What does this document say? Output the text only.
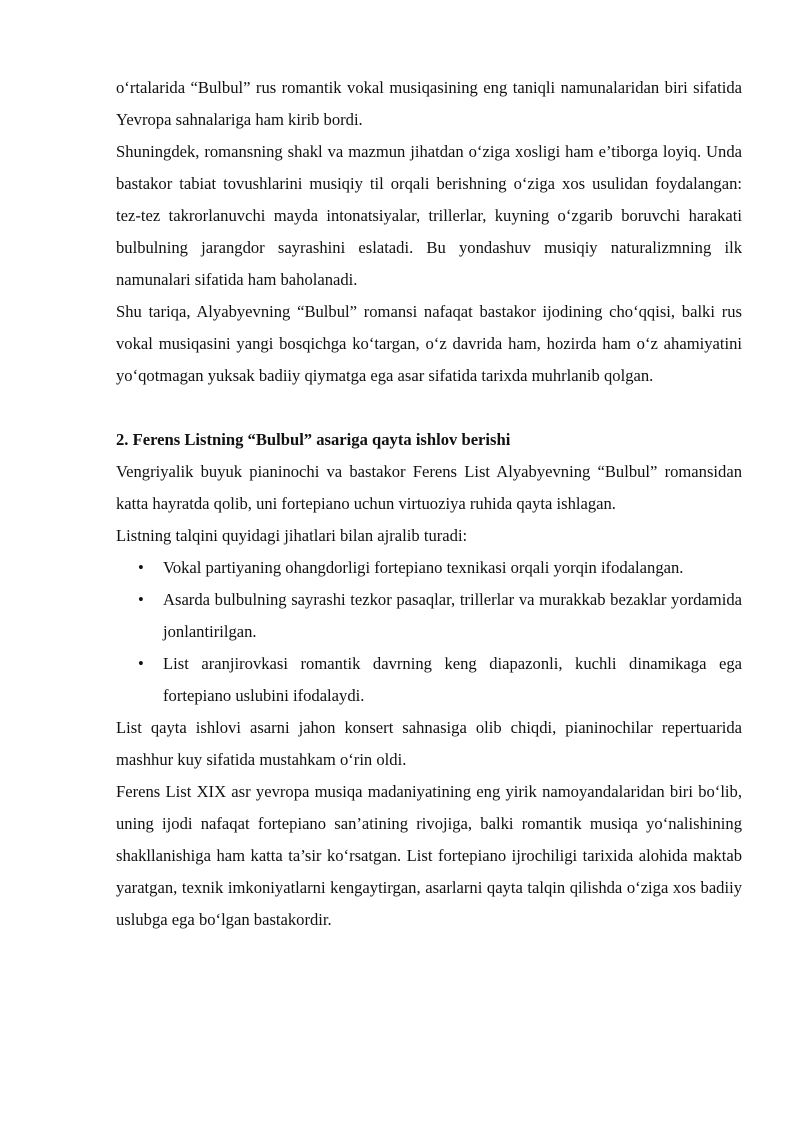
o‘rtalarida “Bulbul” rus romantik vokal musiqasining eng taniqli namunalaridan biri sifatida Yevropa sahnalariga ham kirib bordi.

Shuningdek, romansning shakl va mazmun jihatdan o‘ziga xosligi ham e’tiborga loyiq. Unda bastakor tabiat tovushlarini musiqiy til orqali berishning o‘ziga xos usulidan foydalangan: tez-tez takrorlanuvchi mayda intonatsiyalar, trillerlar, kuyning o‘zgarib boruvchi harakati bulbulning jarangdor sayrashini eslatadi. Bu yondashuv musiqiy naturalizmning ilk namunalari sifatida ham baholanadi.

Shu tariqa, Alyabyevning “Bulbul” romansi nafaqat bastakor ijodining cho‘qqisi, balki rus vokal musiqasini yangi bosqichga ko‘targan, o‘z davrida ham, hozirda ham o‘z ahamiyatini yo‘qotmagan yuksak badiiy qiymatga ega asar sifatida tarixda muhrlanib qolgan.

2. Ferens Listning “Bulbul” asariga qayta ishlov berishi

Vengriyalik buyuk pianinochi va bastakor Ferens List Alyabyevning “Bulbul” romansidan katta hayratda qolib, uni fortepiano uchun virtuoziya ruhida qayta ishlagan.

Listning talqini quyidagi jihatlari bilan ajralib turadi:

• Vokal partiyaning ohangdorligi fortepiano texnikasi orqali yorqin ifodalangan.
• Asarda bulbulning sayrashi tezkor pasaqlar, trillerlar va murakkab bezaklar yordamida jonlantirilgan.
• List aranjirovkasi romantik davrning keng diapazonli, kuchli dinamikaga ega fortepiano uslubini ifodalaydi.

List qayta ishlovi asarni jahon konsert sahnasiga olib chiqdi, pianinochilar repertuarida mashhur kuy sifatida mustahkam o‘rin oldi.

Ferens List XIX asr yevropa musiqa madaniyatining eng yirik namoyandalaridan biri bo‘lib, uning ijodi nafaqat fortepiano san’atining rivojiga, balki romantik musiqa yo‘nalishining shakllanishiga ham katta ta’sir ko‘rsatgan. List fortepiano ijrochiligi tarixida alohida maktab yaratgan, texnik imkoniyatlarni kengaytirgan, asarlarni qayta talqin qilishda o‘ziga xos badiiy uslubga ega bo‘lgan bastakordir.
